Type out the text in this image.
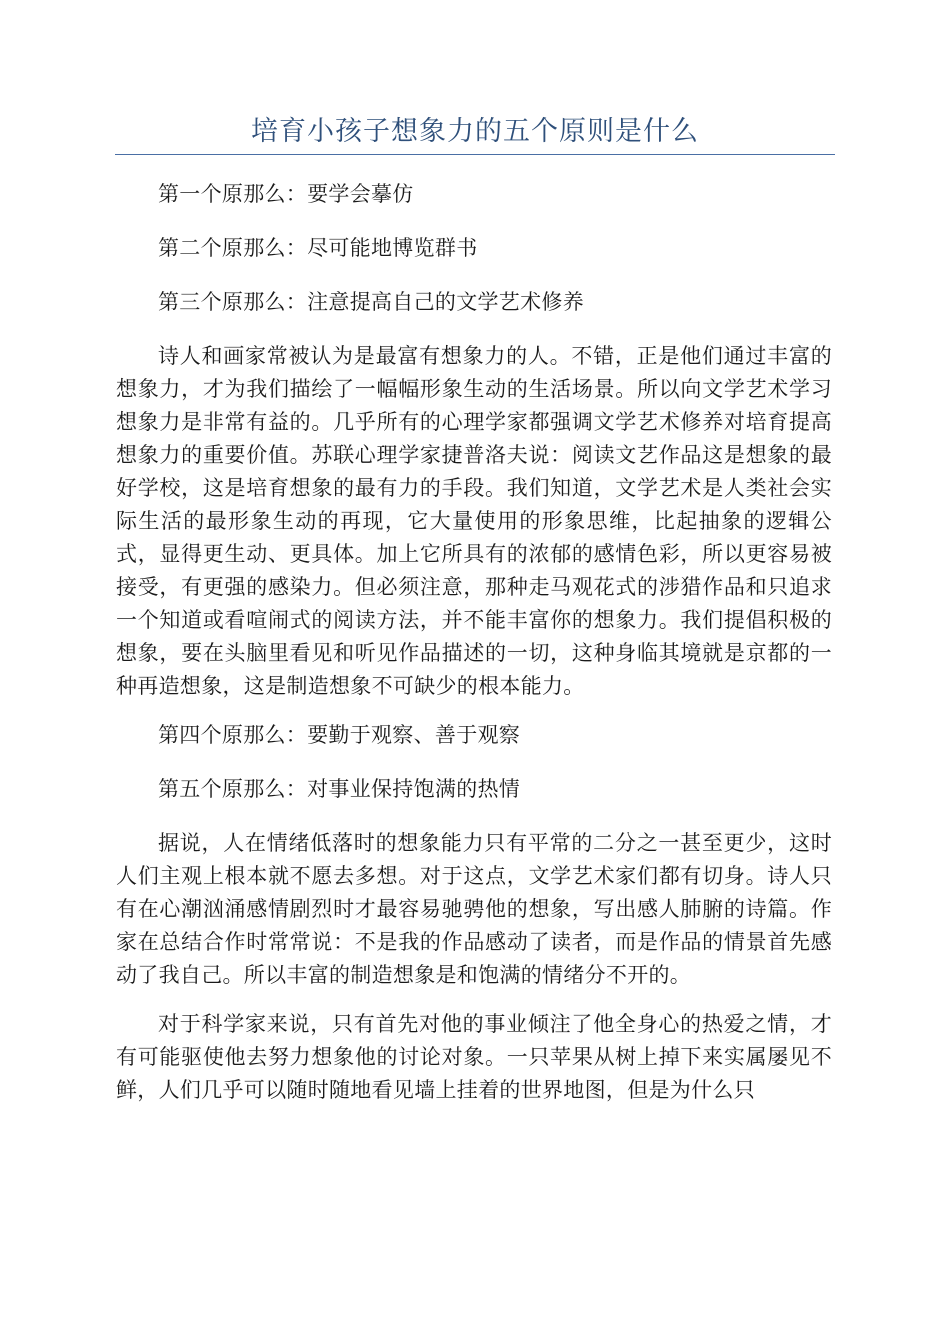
培育小孩子想象力的五个原则是什么

第一个原那么：要学会摹仿

第二个原那么：尽可能地博览群书

第三个原那么：注意提高自己的文学艺术修养

诗人和画家常被认为是最富有想象力的人。不错，正是他们通过丰富的想象力，才为我们描绘了一幅幅形象生动的生活场景。所以向文学艺术学习想象力是非常有益的。几乎所有的心理学家都强调文学艺术修养对培育提高想象力的重要价值。苏联心理学家捷普洛夫说：阅读文艺作品这是想象的最好学校，这是培育想象的最有力的手段。我们知道，文学艺术是人类社会实际生活的最形象生动的再现，它大量使用的形象思维，比起抽象的逻辑公式，显得更生动、更具体。加上它所具有的浓郁的感情色彩，所以更容易被接受，有更强的感染力。但必须注意，那种走马观花式的涉猎作品和只追求一个知道或看喧闹式的阅读方法，并不能丰富你的想象力。我们提倡积极的想象，要在头脑里看见和听见作品描述的一切，这种身临其境就是京都的一种再造想象，这是制造想象不可缺少的根本能力。

第四个原那么：要勤于观察、善于观察

第五个原那么：对事业保持饱满的热情

据说，人在情绪低落时的想象能力只有平常的二分之一甚至更少，这时人们主观上根本就不愿去多想。对于这点，文学艺术家们都有切身。诗人只有在心潮汹涌感情剧烈时才最容易驰骋他的想象，写出感人肺腑的诗篇。作家在总结合作时常常说：不是我的作品感动了读者，而是作品的情景首先感动了我自己。所以丰富的制造想象是和饱满的情绪分不开的。

对于科学家来说，只有首先对他的事业倾注了他全身心的热爱之情，才有可能驱使他去努力想象他的讨论对象。一只苹果从树上掉下来实属屡见不鲜，人们几乎可以随时随地看见墙上挂着的世界地图，但是为什么只
